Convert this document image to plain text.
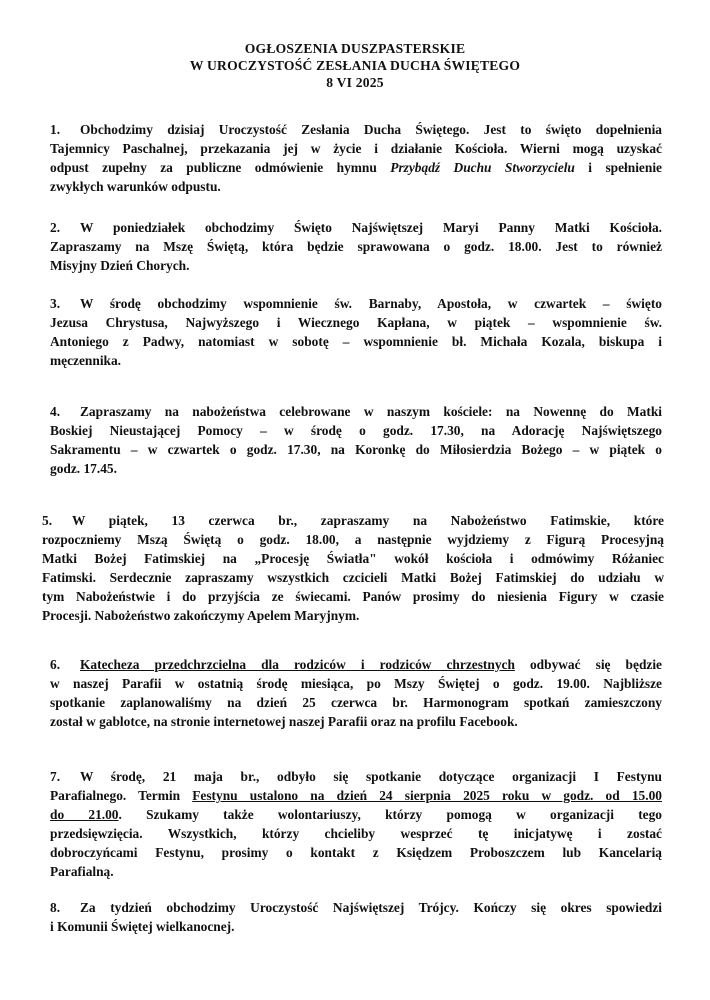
OGŁOSZENIA DUSZPASTERSKIE
W UROCZYSTOŚĆ ZESŁANIA DUCHA ŚWIĘTEGO
8 VI 2025
1. Obchodzimy dzisiaj Uroczystość Zesłania Ducha Świętego. Jest to święto dopełnienia
Tajemnicy Paschalnej, przekazania jej w życie i działanie Kościoła. Wierni mogą uzyskać
odpust zupełny za publiczne odmówienie hymnu Przybądź Duchu Stworzycielu i spełnienie
zwykłych warunków odpustu.
2. W poniedziałek obchodzimy Święto Najświętszej Maryi Panny Matki Kościoła.
Zapraszamy na Mszę Świętą, która będzie sprawowana o godz. 18.00. Jest to również
Misyjny Dzień Chorych.
3. W środę obchodzimy wspomnienie św. Barnaby, Apostoła, w czwartek – święto
Jezusa Chrystusa, Najwyższego i Wiecznego Kapłana, w piątek – wspomnienie św.
Antoniego z Padwy, natomiast w sobotę – wspomnienie bł. Michała Kozala, biskupa i
męczennika.
4. Zapraszamy na nabożeństwa celebrowane w naszym kościele: na Nowennę do Matki
Boskiej Nieustającej Pomocy – w środę o godz. 17.30, na Adorację Najświętszego
Sakramentu – w czwartek o godz. 17.30, na Koronkę do Miłosierdzia Bożego – w piątek o
godz. 17.45.
5. W piątek, 13 czerwca br., zapraszamy na Nabożeństwo Fatimskie, które
rozpoczniemy Mszą Świętą o godz. 18.00, a następnie wyjdziemy z Figurą Procesyjną
Matki Bożej Fatimskiej na „Procesję Światła" wokół kościoła i odmówimy Różaniec
Fatimski. Serdecznie zapraszamy wszystkich czcicieli Matki Bożej Fatimskiej do udziału w
tym Nabożeństwie i do przyjścia ze świecami. Panów prosimy do niesienia Figury w czasie
Procesji. Nabożeństwo zakończymy Apelem Maryjnym.
6. Katecheza przedchrzcielna dla rodziców i rodziców chrzestnych odbywać się będzie
w naszej Parafii w ostatnią środę miesiąca, po Mszy Świętej o godz. 19.00. Najbliższe
spotkanie zaplanowaliśmy na dzień 25 czerwca br. Harmonogram spotkań zamieszczony
został w gablotce, na stronie internetowej naszej Parafii oraz na profilu Facebook.
7. W środę, 21 maja br., odbyło się spotkanie dotyczące organizacji I Festynu
Parafialnego. Termin Festynu ustalono na dzień 24 sierpnia 2025 roku w godz. od 15.00
do 21.00. Szukamy także wolontariuszy, którzy pomogą w organizacji tego
przedsięwzięcia. Wszystkich, którzy chcieliby wesprzeć tę inicjatywę i zostać
dobroczyńcami Festynu, prosimy o kontakt z Księdzem Proboszczem lub Kancelarią
Parafialną.
8. Za tydzień obchodzimy Uroczystość Najświętszej Trójcy. Kończy się okres spowiedzi
i Komunii Świętej wielkanocnej.
